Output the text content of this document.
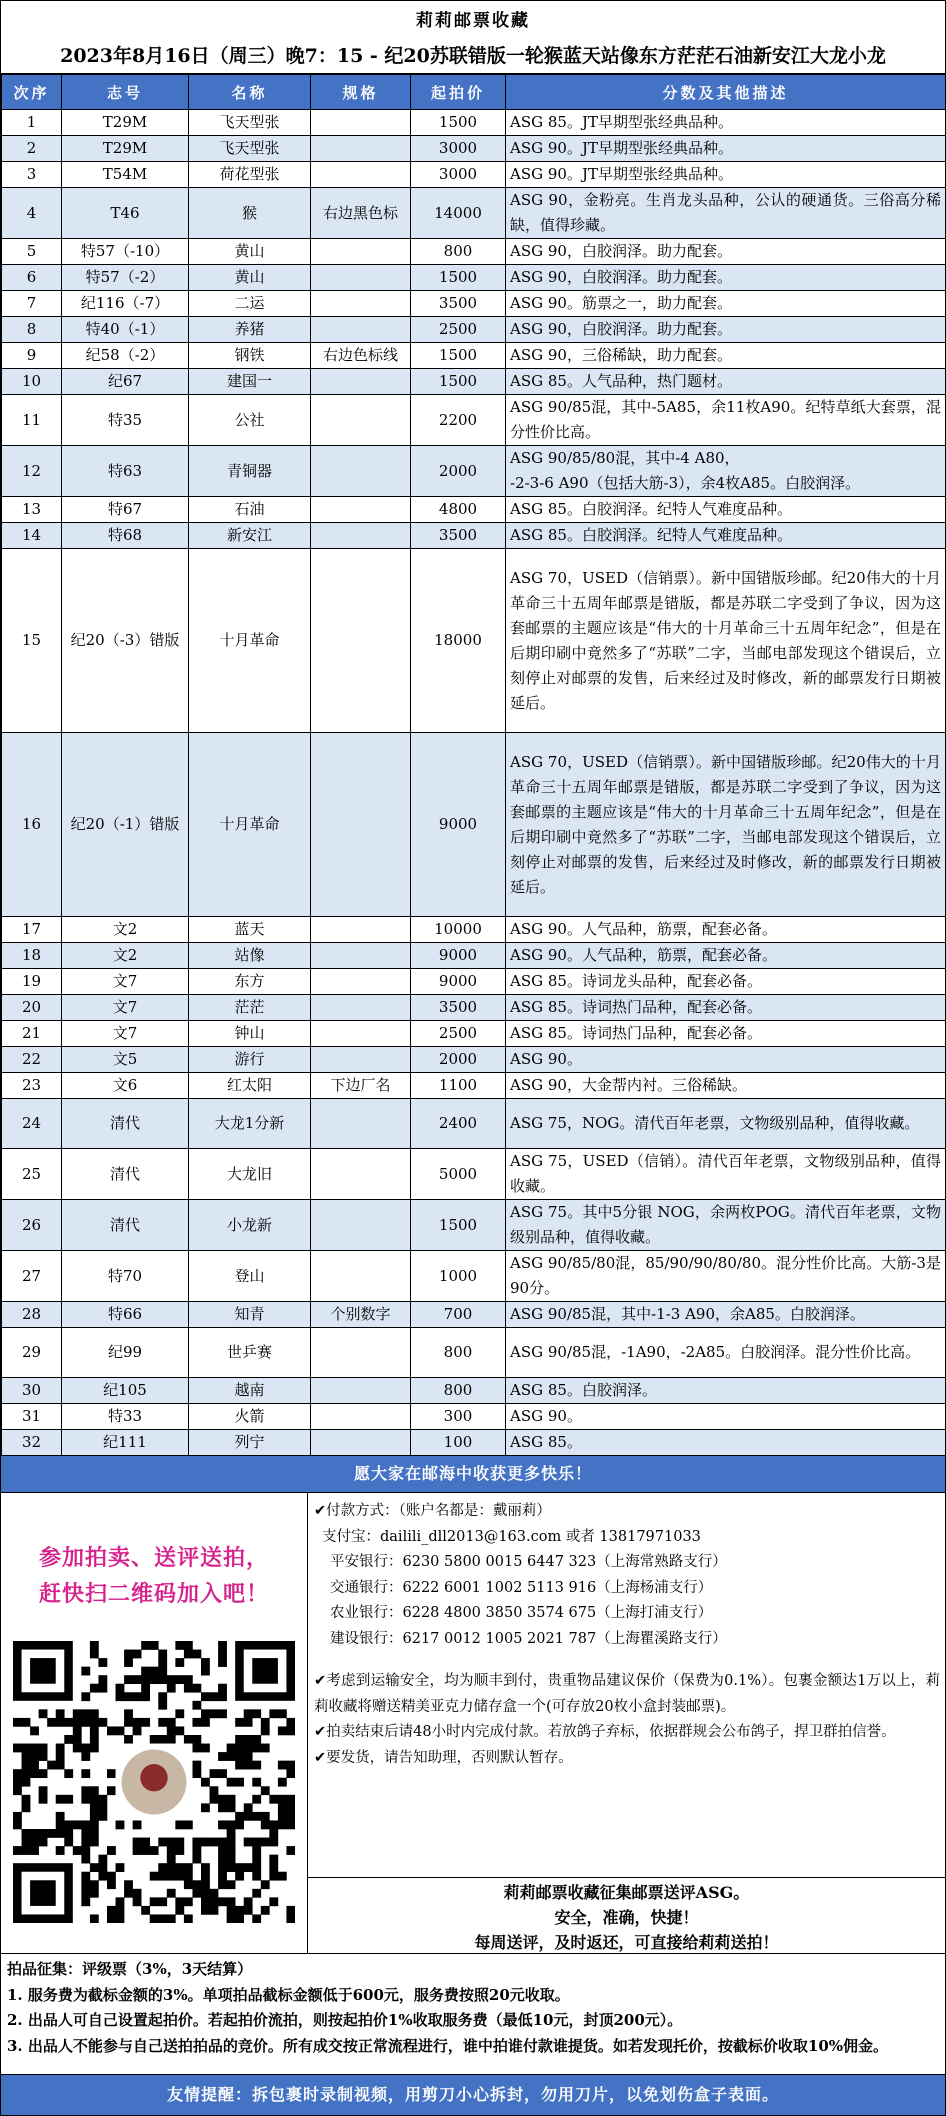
莉莉邮票收藏
2023年8月16日（周三）晚7：15 - 纪20苏联错版一轮猴蓝天站像东方茫茫石油新安江大龙小龙
次序	志号	名称	规格	起拍价	分数及其他描述
1	T29M	飞天型张		1500	ASG 85。JT早期型张经典品种。
2	T29M	飞天型张		3000	ASG 90。JT早期型张经典品种。
3	T54M	荷花型张		3000	ASG 90。JT早期型张经典品种。
4	T46	猴	右边黑色标	14000	ASG 90，金粉亮。生肖龙头品种，公认的硬通货。三俗高分稀缺，值得珍藏。
5	特57（-10）	黄山		800	ASG 90，白胶润泽。助力配套。
6	特57（-2）	黄山		1500	ASG 90，白胶润泽。助力配套。
7	纪116（-7）	二运		3500	ASG 90。筋票之一，助力配套。
8	特40（-1）	养猪		2500	ASG 90，白胶润泽。助力配套。
9	纪58（-2）	钢铁	右边色标线	1500	ASG 90，三俗稀缺，助力配套。
10	纪67	建国一		1500	ASG 85。人气品种，热门题材。
11	特35	公社		2200	ASG 90/85混，其中-5A85，余11枚A90。纪特草纸大套票，混分性价比高。
12	特63	青铜器		2000	ASG 90/85/80混，其中-4 A80，
-2-3-6 A90（包括大筋-3），余4枚A85。白胶润泽。
13	特67	石油		4800	ASG 85。白胶润泽。纪特人气难度品种。
14	特68	新安江		3500	ASG 85。白胶润泽。纪特人气难度品种。
15	纪20（-3）错版	十月革命		18000	ASG 70，USED（信销票）。新中国错版珍邮。纪20伟大的十月革命三十五周年邮票是错版，都是苏联二字受到了争议，因为这套邮票的主题应该是“伟大的十月革命三十五周年纪念”，但是在后期印刷中竟然多了“苏联”二字，当邮电部发现这个错误后，立刻停止对邮票的发售，后来经过及时修改，新的邮票发行日期被延后。
16	纪20（-1）错版	十月革命		9000	ASG 70，USED（信销票）。新中国错版珍邮。纪20伟大的十月革命三十五周年邮票是错版，都是苏联二字受到了争议，因为这套邮票的主题应该是“伟大的十月革命三十五周年纪念”，但是在后期印刷中竟然多了“苏联”二字，当邮电部发现这个错误后，立刻停止对邮票的发售，后来经过及时修改，新的邮票发行日期被延后。
17	文2	蓝天		10000	ASG 90。人气品种，筋票，配套必备。
18	文2	站像		9000	ASG 90。人气品种，筋票，配套必备。
19	文7	东方		9000	ASG 85。诗词龙头品种，配套必备。
20	文7	茫茫		3500	ASG 85。诗词热门品种，配套必备。
21	文7	钟山		2500	ASG 85。诗词热门品种，配套必备。
22	文5	游行		2000	ASG 90。
23	文6	红太阳	下边厂名	1100	ASG 90，大金帮内衬。三俗稀缺。
24	清代	大龙1分新		2400	ASG 75，NOG。清代百年老票，文物级别品种，值得收藏。
25	清代	大龙旧		5000	ASG 75，USED（信销）。清代百年老票，文物级别品种，值得收藏。
26	清代	小龙新		1500	ASG 75。其中5分银 NOG，余两枚POG。清代百年老票，文物级别品种，值得收藏。
27	特70	登山		1000	ASG 90/85/80混，85/90/90/80/80。混分性价比高。大筋-3是90分。
28	特66	知青	个别数字	700	ASG 90/85混，其中-1-3 A90，余A85。白胶润泽。
29	纪99	世乒赛		800	ASG 90/85混，-1A90，-2A85。白胶润泽。混分性价比高。
30	纪105	越南		800	ASG 85。白胶润泽。
31	特33	火箭		300	ASG 90。
32	纪111	列宁		100	ASG 85。
愿大家在邮海中收获更多快乐！
参加拍卖、送评送拍，
赶快扫二维码加入吧！
✔付款方式：（账户名都是：戴丽莉）
支付宝：dailili_dll2013@163.com 或者 13817971033
平安银行：6230 5800 0015 6447 323（上海常熟路支行）
交通银行：6222 6001 1002 5113 916（上海杨浦支行）
农业银行：6228 4800 3850 3574 675（上海打浦支行）
建设银行：6217 0012 1005 2021 787（上海瞿溪路支行）
✔考虑到运输安全，均为顺丰到付，贵重物品建议保价（保费为0.1%）。包裹金额达1万以上，莉莉收藏将赠送精美亚克力储存盒一个(可存放20枚小盒封装邮票)。
✔拍卖结束后请48小时内完成付款。若放鸽子弃标，依据群规会公布鸽子，捍卫群拍信誉。
✔要发货，请告知助理，否则默认暂存。
莉莉邮票收藏征集邮票送评ASG。
安全，准确，快捷！
每周送评，及时返还，可直接给莉莉送拍！
拍品征集：评级票（3%，3天结算）
1. 服务费为截标金额的3%。单项拍品截标金额低于600元，服务费按照20元收取。
2. 出品人可自己设置起拍价。若起拍价流拍，则按起拍价1%收取服务费（最低10元，封顶200元）。
3. 出品人不能参与自己送拍拍品的竞价。所有成交按正常流程进行，谁中拍谁付款谁提货。如若发现托价，按截标价收取10%佣金。
友情提醒：拆包裹时录制视频，用剪刀小心拆封，勿用刀片，以免划伤盒子表面。
